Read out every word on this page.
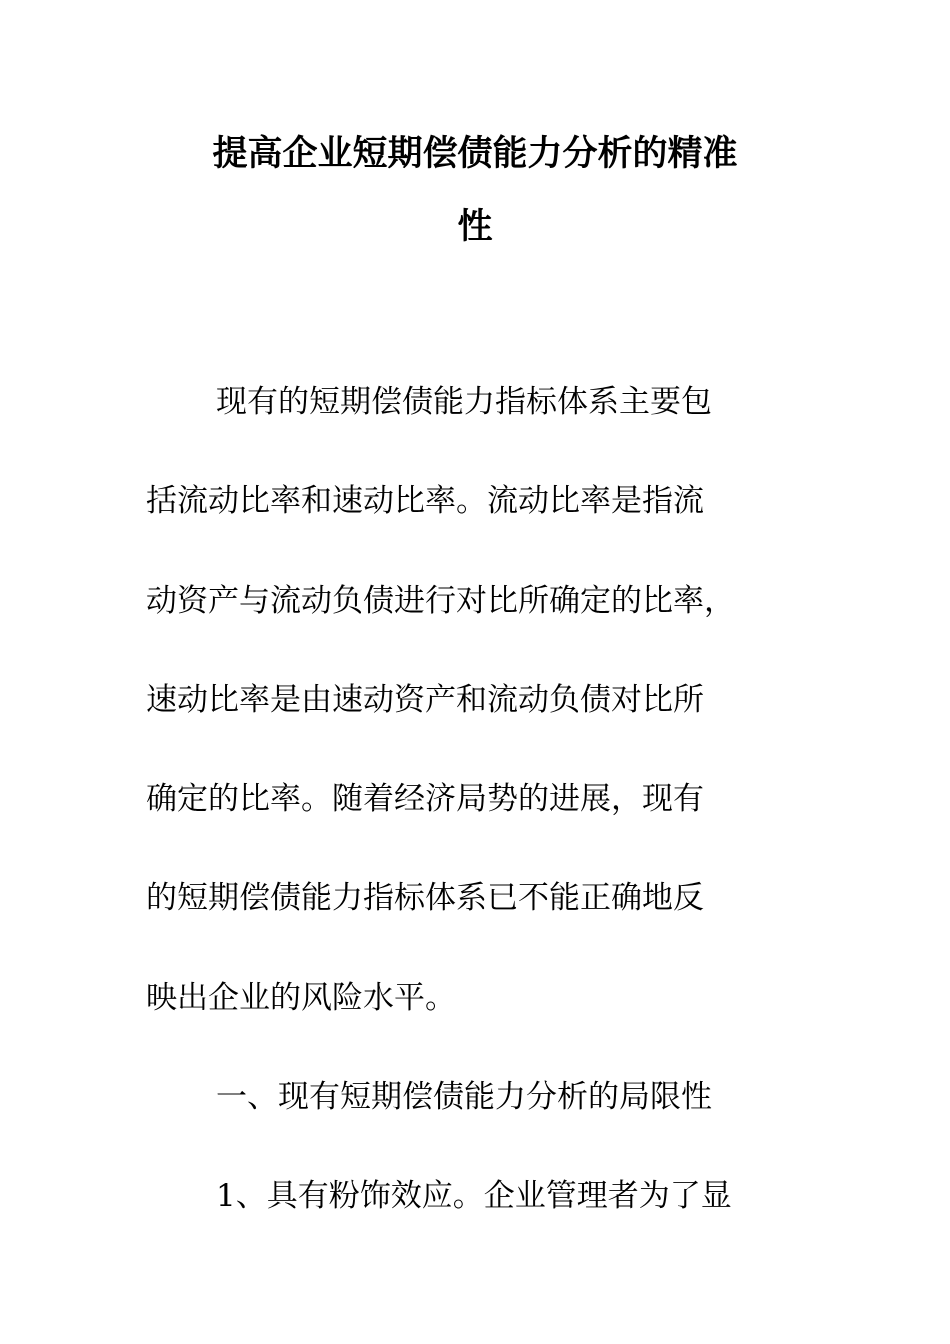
提高企业短期偿债能力分析的精准
性

现有的短期偿债能力指标体系主要包

括流动比率和速动比率。流动比率是指流

动资产与流动负债进行对比所确定的比率，

速动比率是由速动资产和流动负债对比所

确定的比率。随着经济局势的进展，现有

的短期偿债能力指标体系已不能正确地反

映出企业的风险水平。

一、现有短期偿债能力分析的局限性

1、具有粉饰效应。企业管理者为了显
